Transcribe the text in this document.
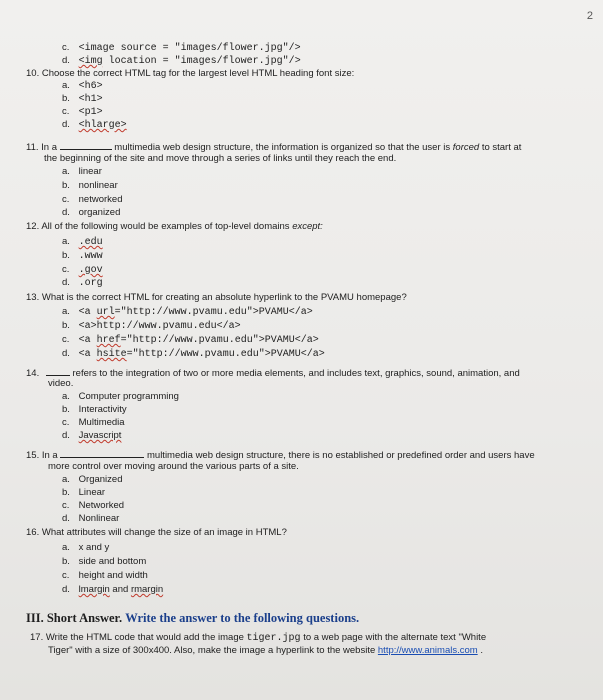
2
c. <image source = "images/flower.jpg"/>
d. <img location = "images/flower.jpg"/>
10. Choose the correct HTML tag for the largest level HTML heading font size:
a. <h6>
b. <h1>
c. <p1>
d. <hlarge>
11. In a	multimedia web design structure, the information is organized so that the user is forced to start at
the beginning of the site and move through a series of links until they reach the end.
a. linear
b. nonlinear
c. networked
d. organized
12. All of the following would be examples of top-level domains except:
a. .edu
b. .www
c. .gov
d. .org
13. What is the correct HTML for creating an absolute hyperlink to the PVAMU homepage?
a. <a url="http://www.pvamu.edu">PVAMU</a>
b. <a>http://www.pvamu.edu</a>
c. <a href="http://www.pvamu.edu">PVAMU</a>
d. <a hsite="http://www.pvamu.edu">PVAMU</a>
14.	refers to the integration of two or more media elements, and includes text, graphics, sound, animation, and
video.
a. Computer programming
b. Interactivity
c. Multimedia
d. Javascript
15. In a	multimedia web design structure, there is no established or predefined order and users have
more control over moving around the various parts of a site.
a. Organized
b. Linear
c. Networked
d. Nonlinear
16. What attributes will change the size of an image in HTML?
a. x and y
b. side and bottom
c. height and width
d. lmargin and rmargin
III. Short Answer. Write the answer to the following questions.
17. Write the HTML code that would add the image tiger.jpg to a web page with the alternate text "White
Tiger" with a size of 300x400. Also, make the image a hyperlink to the website http://www.animals.com .
